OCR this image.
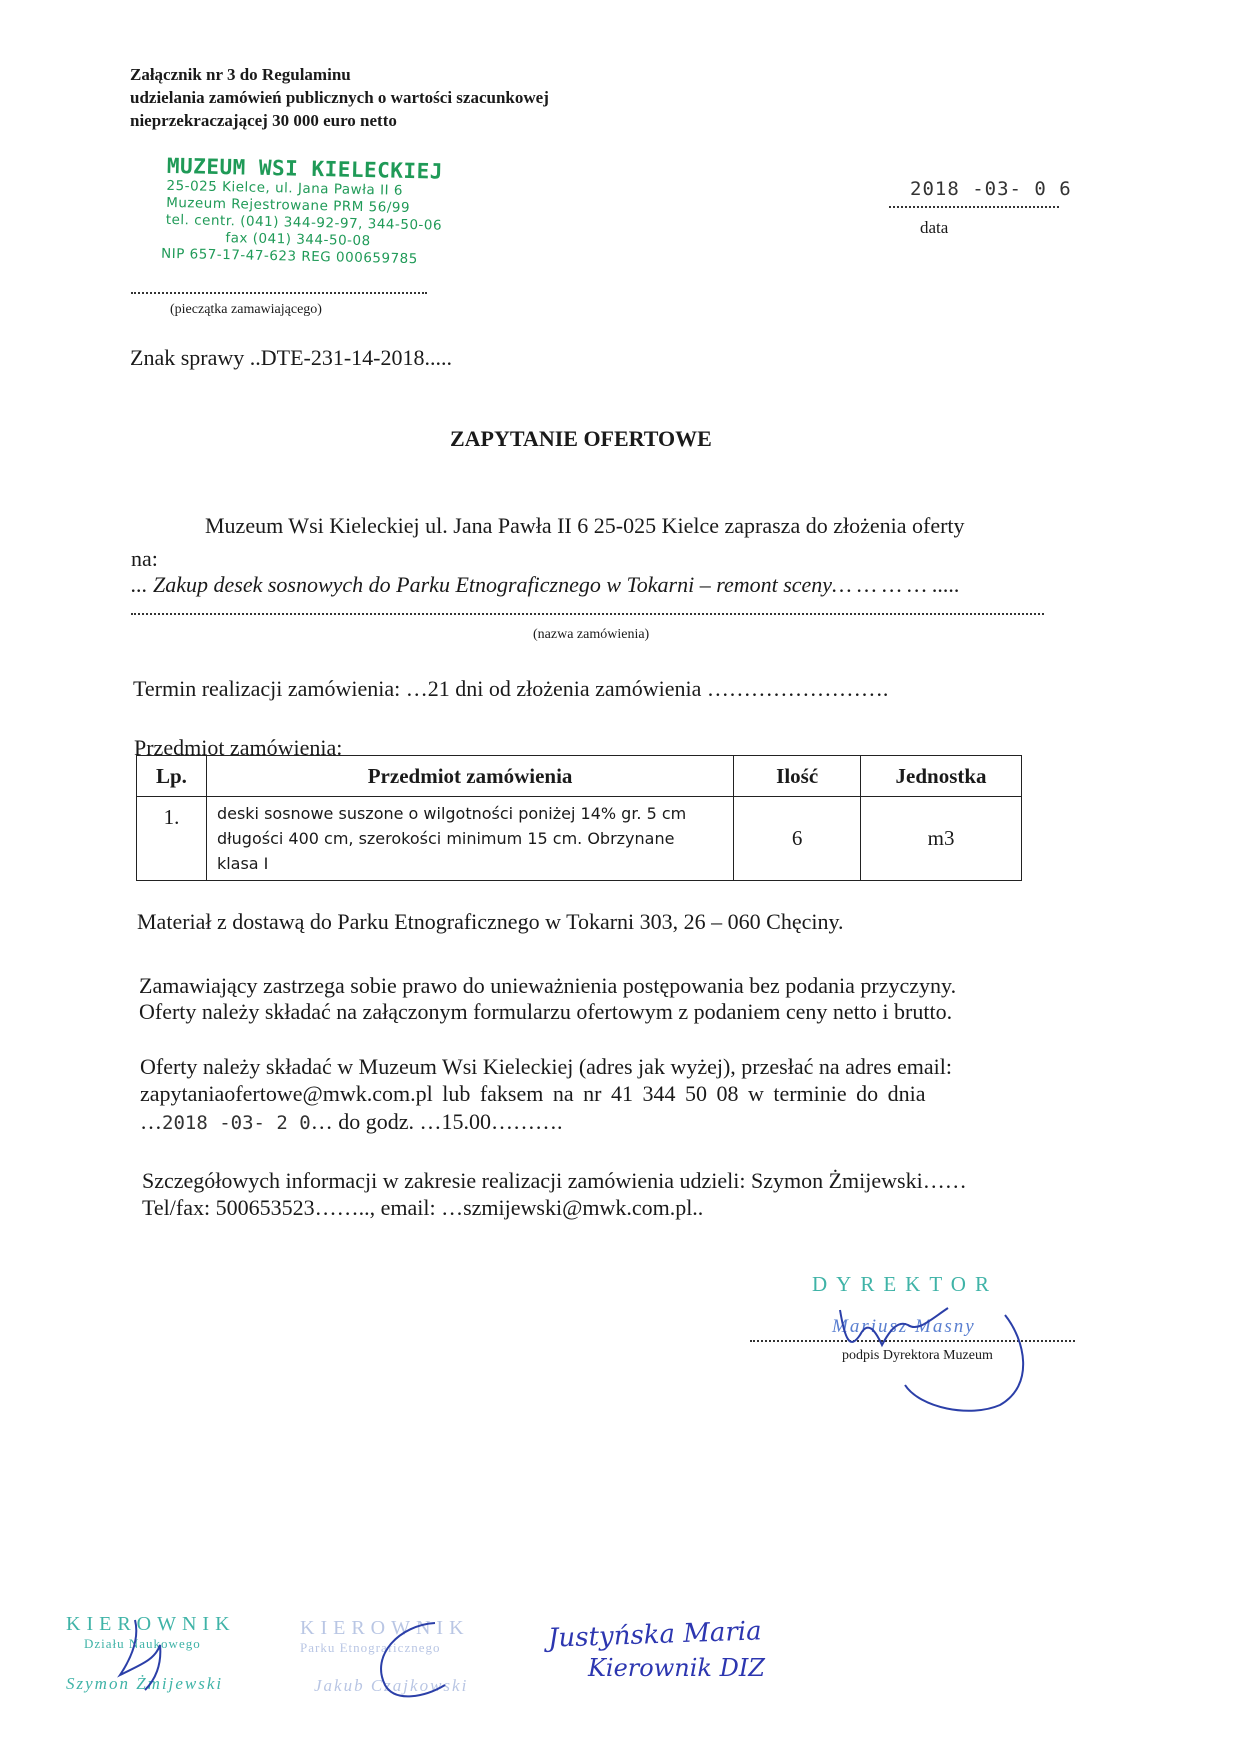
Załącznik nr 3 do Regulaminu
udzielania zamówień publicznych o wartości szacunkowej
nieprzekraczającej 30 000 euro netto
MUZEUM WSI KIELECKIEJ
25-025 Kielce, ul. Jana Pawła II 6
Muzeum Rejestrowane PRM 56/99
tel. centr. (041) 344-92-97, 344-50-06
fax (041) 344-50-08
NIP 657-17-47-623 REG 000659785
(pieczątka zamawiającego)
2018 -03- 0 6
data
Znak sprawy ..DTE-231-14-2018.....
ZAPYTANIE OFERTOWE
Muzeum Wsi Kieleckiej ul. Jana Pawła II 6 25-025 Kielce zaprasza do złożenia oferty
na:
... Zakup desek sosnowych do Parku Etnograficznego w Tokarni – remont sceny… … … … .....
(nazwa zamówienia)
Termin realizacji zamówienia: …21 dni od złożenia zamówienia …………………….
Przedmiot zamówienia:
Lp.	Przedmiot zamówienia	Ilość	Jednostka
1.	deski sosnowe suszone o wilgotności poniżej 14% gr. 5 cm
długości 400 cm, szerokości minimum 15 cm. Obrzynane
klasa I	6	m3
Materiał z dostawą do Parku Etnograficznego w Tokarni 303, 26 – 060 Chęciny.
Zamawiający zastrzega sobie prawo do unieważnienia postępowania bez podania przyczyny.
Oferty należy składać na załączonym formularzu ofertowym z podaniem ceny netto i brutto.
Oferty należy składać w Muzeum Wsi Kieleckiej (adres jak wyżej), przesłać na adres email:
zapytaniaofertowe@mwk.com.pl lub faksem na nr 41 344 50 08 w terminie do dnia
…2018 -03- 2 0… do godz. …15.00……….
Szczegółowych informacji w zakresie realizacji zamówienia udzieli: Szymon Żmijewski……
Tel/fax: 500653523…….., email: …szmijewski@mwk.com.pl..
DYREKTOR
Mariusz Masny
podpis Dyrektora Muzeum
KIEROWNIK
Działu Naukowego
Szymon Żmijewski
KIEROWNIK
Parku Etnograficznego
Jakub Czajkowski
Justyńska Maria
Kierownik DIZ
